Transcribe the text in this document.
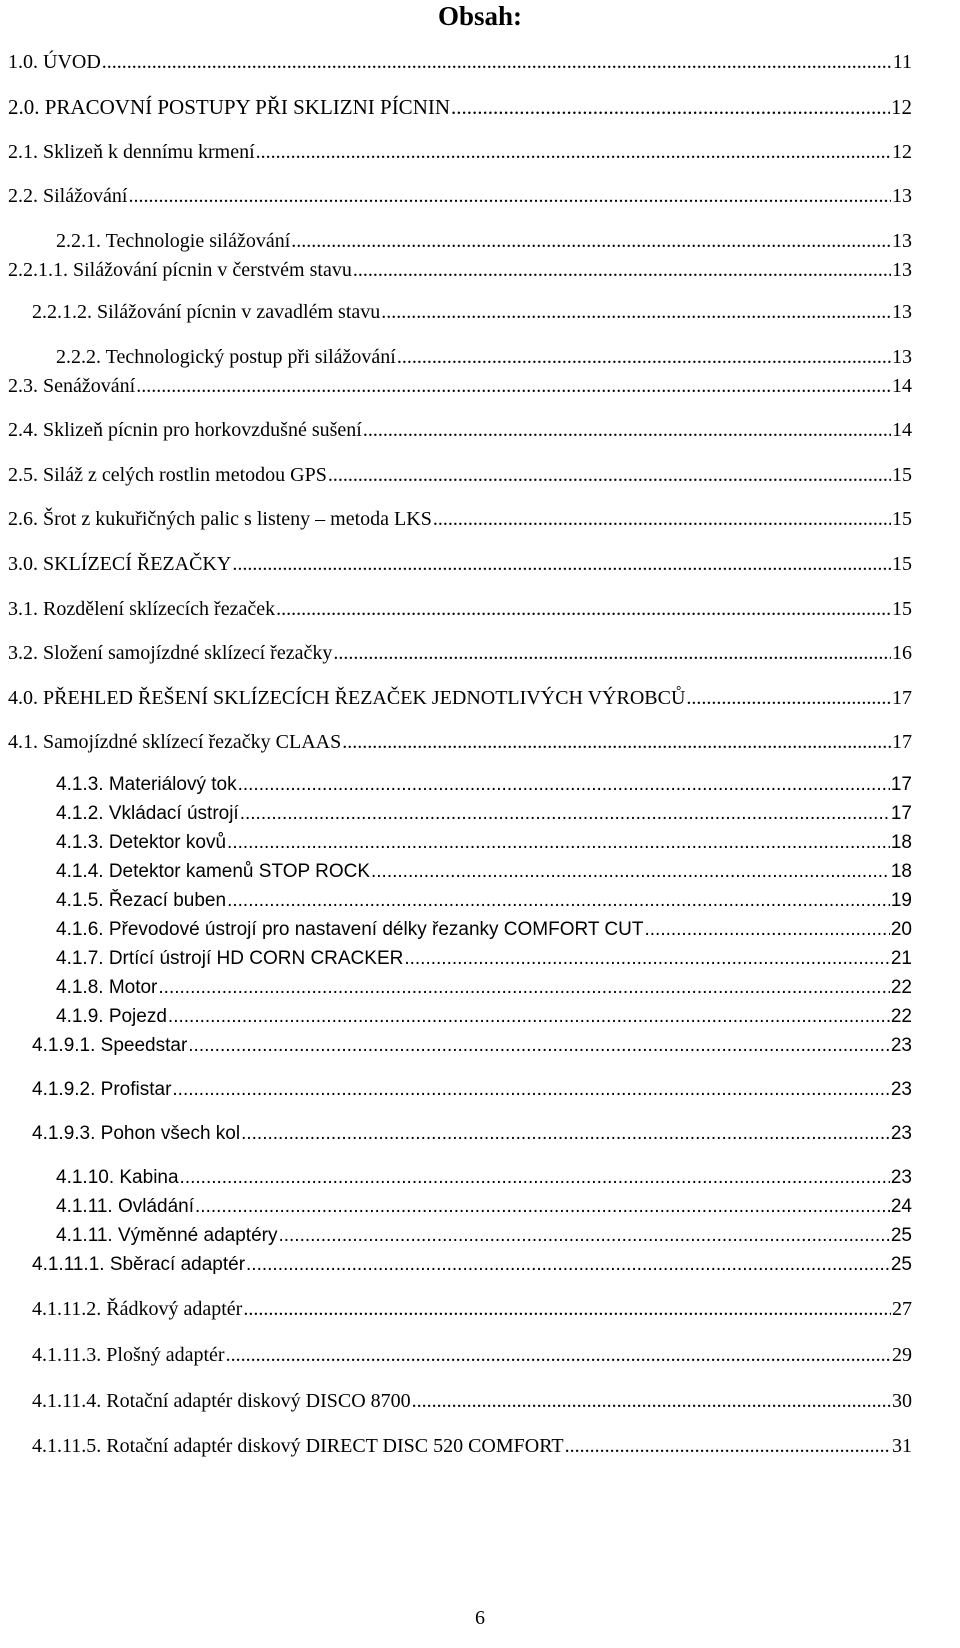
Obsah:
1.0. ÚVOD .....	11
2.0. PRACOVNÍ POSTUPY PŘI SKLIZNI PÍCNIN .....	12
2.1. Sklizeň k dennímu krmení .....	12
2.2. Silážování .....	13
2.2.1. Technologie silážování .....	13
2.2.1.1. Silážování pícnin v čerstvém stavu .....	13
2.2.1.2. Silážování pícnin v zavadlém stavu .....	13
2.2.2. Technologický postup při silážování .....	13
2.3. Senážování .....	14
2.4. Sklizeň pícnin pro horkovzdušné sušení .....	14
2.5. Siláž z celých rostlin metodou GPS .....	15
2.6. Šrot z kukuřičných palic s listeny – metoda LKS .....	15
3.0. SKLÍZECÍ ŘEZAČKY .....	15
3.1. Rozdělení sklízecích řezaček .....	15
3.2. Složení samojízdné sklízecí řezačky .....	16
4.0. PŘEHLED ŘEŠENÍ SKLÍZECÍCH ŘEZAČEK JEDNOTLIVÝCH VÝROBCŮ .....	17
4.1. Samojízdné sklízecí řezačky CLAAS .....	17
4.1.3. Materiálový tok .....	17
4.1.2. Vkládací ústrojí .....	17
4.1.3. Detektor kovů .....	18
4.1.4. Detektor kamenů STOP ROCK .....	18
4.1.5. Řezací buben .....	19
4.1.6. Převodové ústrojí pro nastavení délky řezanky COMFORT CUT .....	20
4.1.7. Drtící ústrojí HD CORN CRACKER .....	21
4.1.8. Motor .....	22
4.1.9. Pojezd .....	22
4.1.9.1. Speedstar .....	23
4.1.9.2. Profistar .....	23
4.1.9.3. Pohon všech kol .....	23
4.1.10. Kabina .....	23
4.1.11. Ovládání .....	24
4.1.11. Výměnné adaptéry .....	25
4.1.11.1. Sběrací adaptér .....	25
4.1.11.2. Řádkový adaptér .....	27
4.1.11.3. Plošný adaptér .....	29
4.1.11.4. Rotační adaptér diskový DISCO 8700 .....	30
4.1.11.5. Rotační adaptér diskový DIRECT DISC 520 COMFORT .....	31
6
